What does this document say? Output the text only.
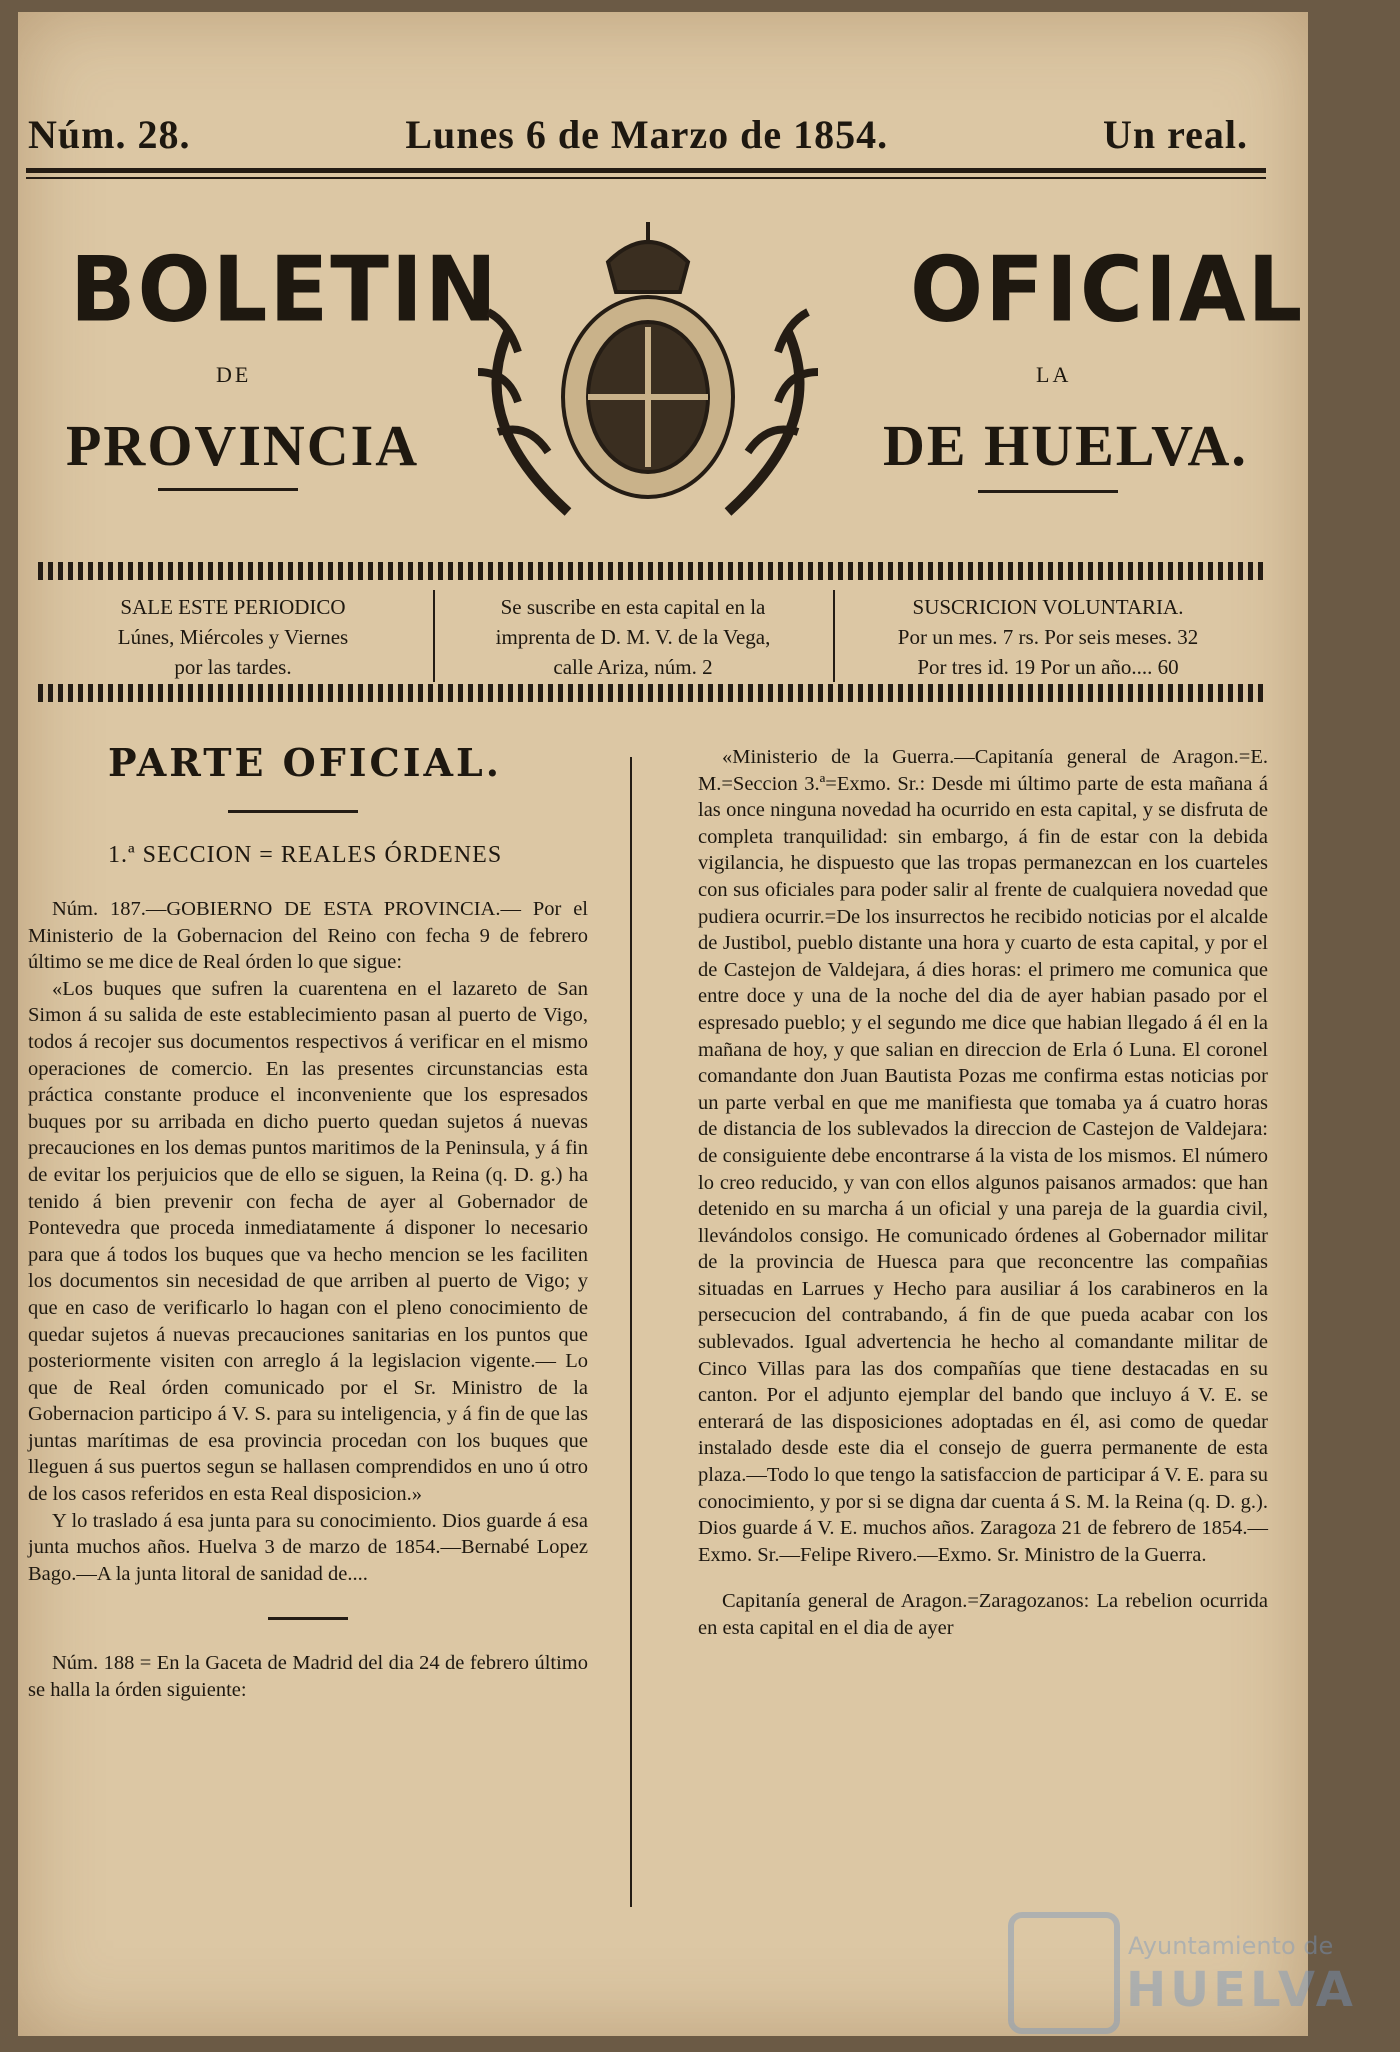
Núm. 28.	Lunes 6 de Marzo de 1854.	Un real.
BOLETIN
DE
PROVINCIA
OFICIAL
LA
DE HUELVA.
SALE ESTE PERIODICO
Lúnes, Miércoles y Viernes
por las tardes.
Se suscribe en esta capital en la
imprenta de D. M. V. de la Vega,
calle Ariza, núm. 2
SUSCRICION VOLUNTARIA.
Por un mes. 7 rs. Por seis meses. 32
Por tres id. 19 Por un año.... 60
PARTE OFICIAL.
1.ª SECCION = REALES ÓRDENES

Núm. 187.—GOBIERNO DE ESTA PROVINCIA.— Por el Ministerio de la Gobernacion del Reino con fecha 9 de febrero último se me dice de Real órden lo que sigue:

«Los buques que sufren la cuarentena en el lazareto de San Simon á su salida de este establecimiento pasan al puerto de Vigo, todos á recojer sus documentos respectivos á verificar en el mismo operaciones de comercio. En las presentes circunstancias esta práctica constante produce el inconveniente que los espresados buques por su arribada en dicho puerto quedan sujetos á nuevas precauciones en los demas puntos maritimos de la Peninsula, y á fin de evitar los perjuicios que de ello se siguen, la Reina (q. D. g.) ha tenido á bien prevenir con fecha de ayer al Gobernador de Pontevedra que proceda inmediatamente á disponer lo necesario para que á todos los buques que va hecho mencion se les faciliten los documentos sin necesidad de que arriben al puerto de Vigo; y que en caso de verificarlo lo hagan con el pleno conocimiento de quedar sujetos á nuevas precauciones sanitarias en los puntos que posteriormente visiten con arreglo á la legislacion vigente.— Lo que de Real órden comunicado por el Sr. Ministro de la Gobernacion participo á V. S. para su inteligencia, y á fin de que las juntas marítimas de esa provincia procedan con los buques que lleguen á sus puertos segun se hallasen comprendidos en uno ú otro de los casos referidos en esta Real disposicion.»

Y lo traslado á esa junta para su conocimiento. Dios guarde á esa junta muchos años. Huelva 3 de marzo de 1854.—Bernabé Lopez Bago.—A la junta litoral de sanidad de....

Núm. 188 = En la Gaceta de Madrid del dia 24 de febrero último se halla la órden siguiente:

«Ministerio de la Guerra.—Capitanía general de Aragon.=E. M.=Seccion 3.ª=Exmo. Sr.: Desde mi último parte de esta mañana á las once ninguna novedad ha ocurrido en esta capital, y se disfruta de completa tranquilidad: sin embargo, á fin de estar con la debida vigilancia, he dispuesto que las tropas permanezcan en los cuarteles con sus oficiales para poder salir al frente de cualquiera novedad que pudiera ocurrir.=De los insurrectos he recibido noticias por el alcalde de Justibol, pueblo distante una hora y cuarto de esta capital, y por el de Castejon de Valdejara, á dies horas: el primero me comunica que entre doce y una de la noche del dia de ayer habian pasado por el espresado pueblo; y el segundo me dice que habian llegado á él en la mañana de hoy, y que salian en direccion de Erla ó Luna. El coronel comandante don Juan Bautista Pozas me confirma estas noticias por un parte verbal en que me manifiesta que tomaba ya á cuatro horas de distancia de los sublevados la direccion de Castejon de Valdejara: de consiguiente debe encontrarse á la vista de los mismos. El número lo creo reducido, y van con ellos algunos paisanos armados: que han detenido en su marcha á un oficial y una pareja de la guardia civil, llevándolos consigo. He comunicado órdenes al Gobernador militar de la provincia de Huesca para que reconcentre las compañias situadas en Larrues y Hecho para ausiliar á los carabineros en la persecucion del contrabando, á fin de que pueda acabar con los sublevados. Igual advertencia he hecho al comandante militar de Cinco Villas para las dos compañías que tiene destacadas en su canton. Por el adjunto ejemplar del bando que incluyo á V. E. se enterará de las disposiciones adoptadas en él, asi como de quedar instalado desde este dia el consejo de guerra permanente de esta plaza.—Todo lo que tengo la satisfaccion de participar á V. E. para su conocimiento, y por si se digna dar cuenta á S. M. la Reina (q. D. g.). Dios guarde á V. E. muchos años. Zaragoza 21 de febrero de 1854.—Exmo. Sr.—Felipe Rivero.—Exmo. Sr. Ministro de la Guerra.

Capitanía general de Aragon.=Zaragozanos: La rebelion ocurrida en esta capital en el dia de ayer

Ayuntamiento de
HUELVA
